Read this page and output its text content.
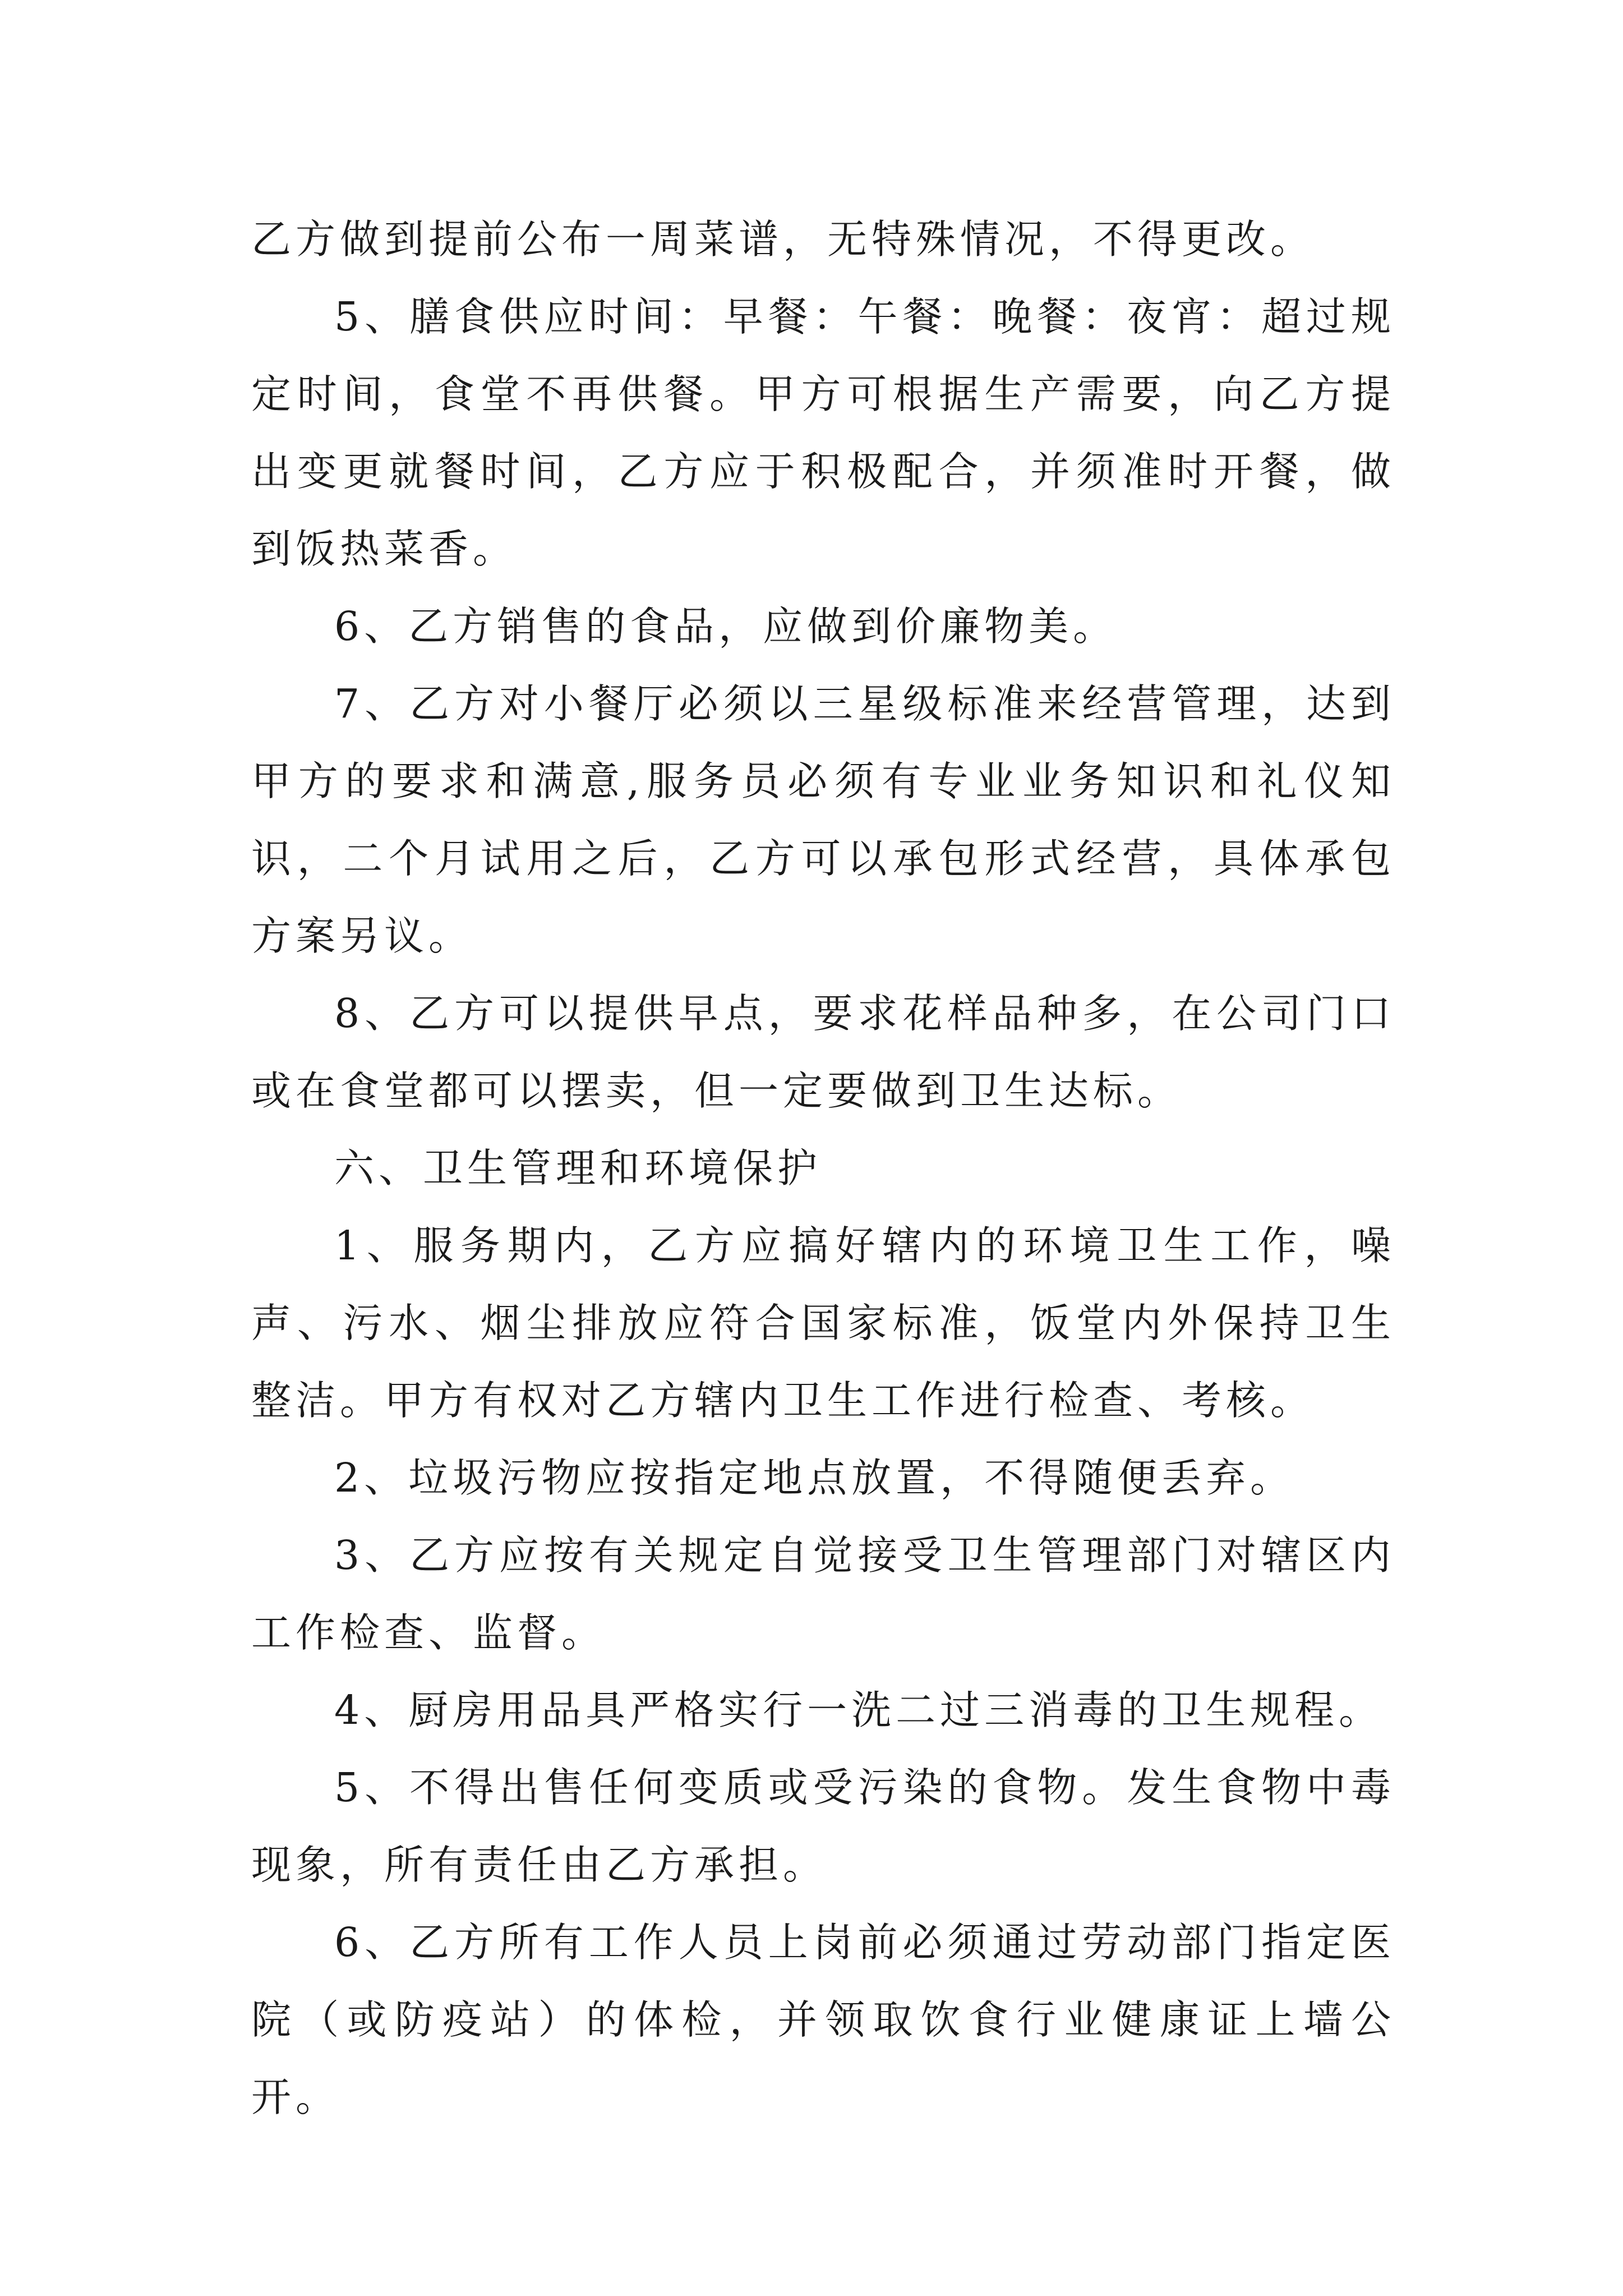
乙方做到提前公布一周菜谱，无特殊情况，不得更改。

5、膳食供应时间：早餐：午餐：晚餐：夜宵：超过规定时间，食堂不再供餐。甲方可根据生产需要，向乙方提出变更就餐时间，乙方应于积极配合，并须准时开餐，做到饭热菜香。

6、乙方销售的食品，应做到价廉物美。

7、乙方对小餐厅必须以三星级标准来经营管理，达到甲方的要求和满意,服务员必须有专业业务知识和礼仪知识，二个月试用之后，乙方可以承包形式经营，具体承包方案另议。

8、乙方可以提供早点，要求花样品种多，在公司门口或在食堂都可以摆卖，但一定要做到卫生达标。

六、卫生管理和环境保护

1、服务期内，乙方应搞好辖内的环境卫生工作，噪声、污水、烟尘排放应符合国家标准，饭堂内外保持卫生整洁。甲方有权对乙方辖内卫生工作进行检查、考核。

2、垃圾污物应按指定地点放置，不得随便丢弃。

3、乙方应按有关规定自觉接受卫生管理部门对辖区内工作检查、监督。

4、厨房用品具严格实行一洗二过三消毒的卫生规程。

5、不得出售任何变质或受污染的食物。发生食物中毒现象，所有责任由乙方承担。

6、乙方所有工作人员上岗前必须通过劳动部门指定医院（或防疫站）的体检，并领取饮食行业健康证上墙公开。
